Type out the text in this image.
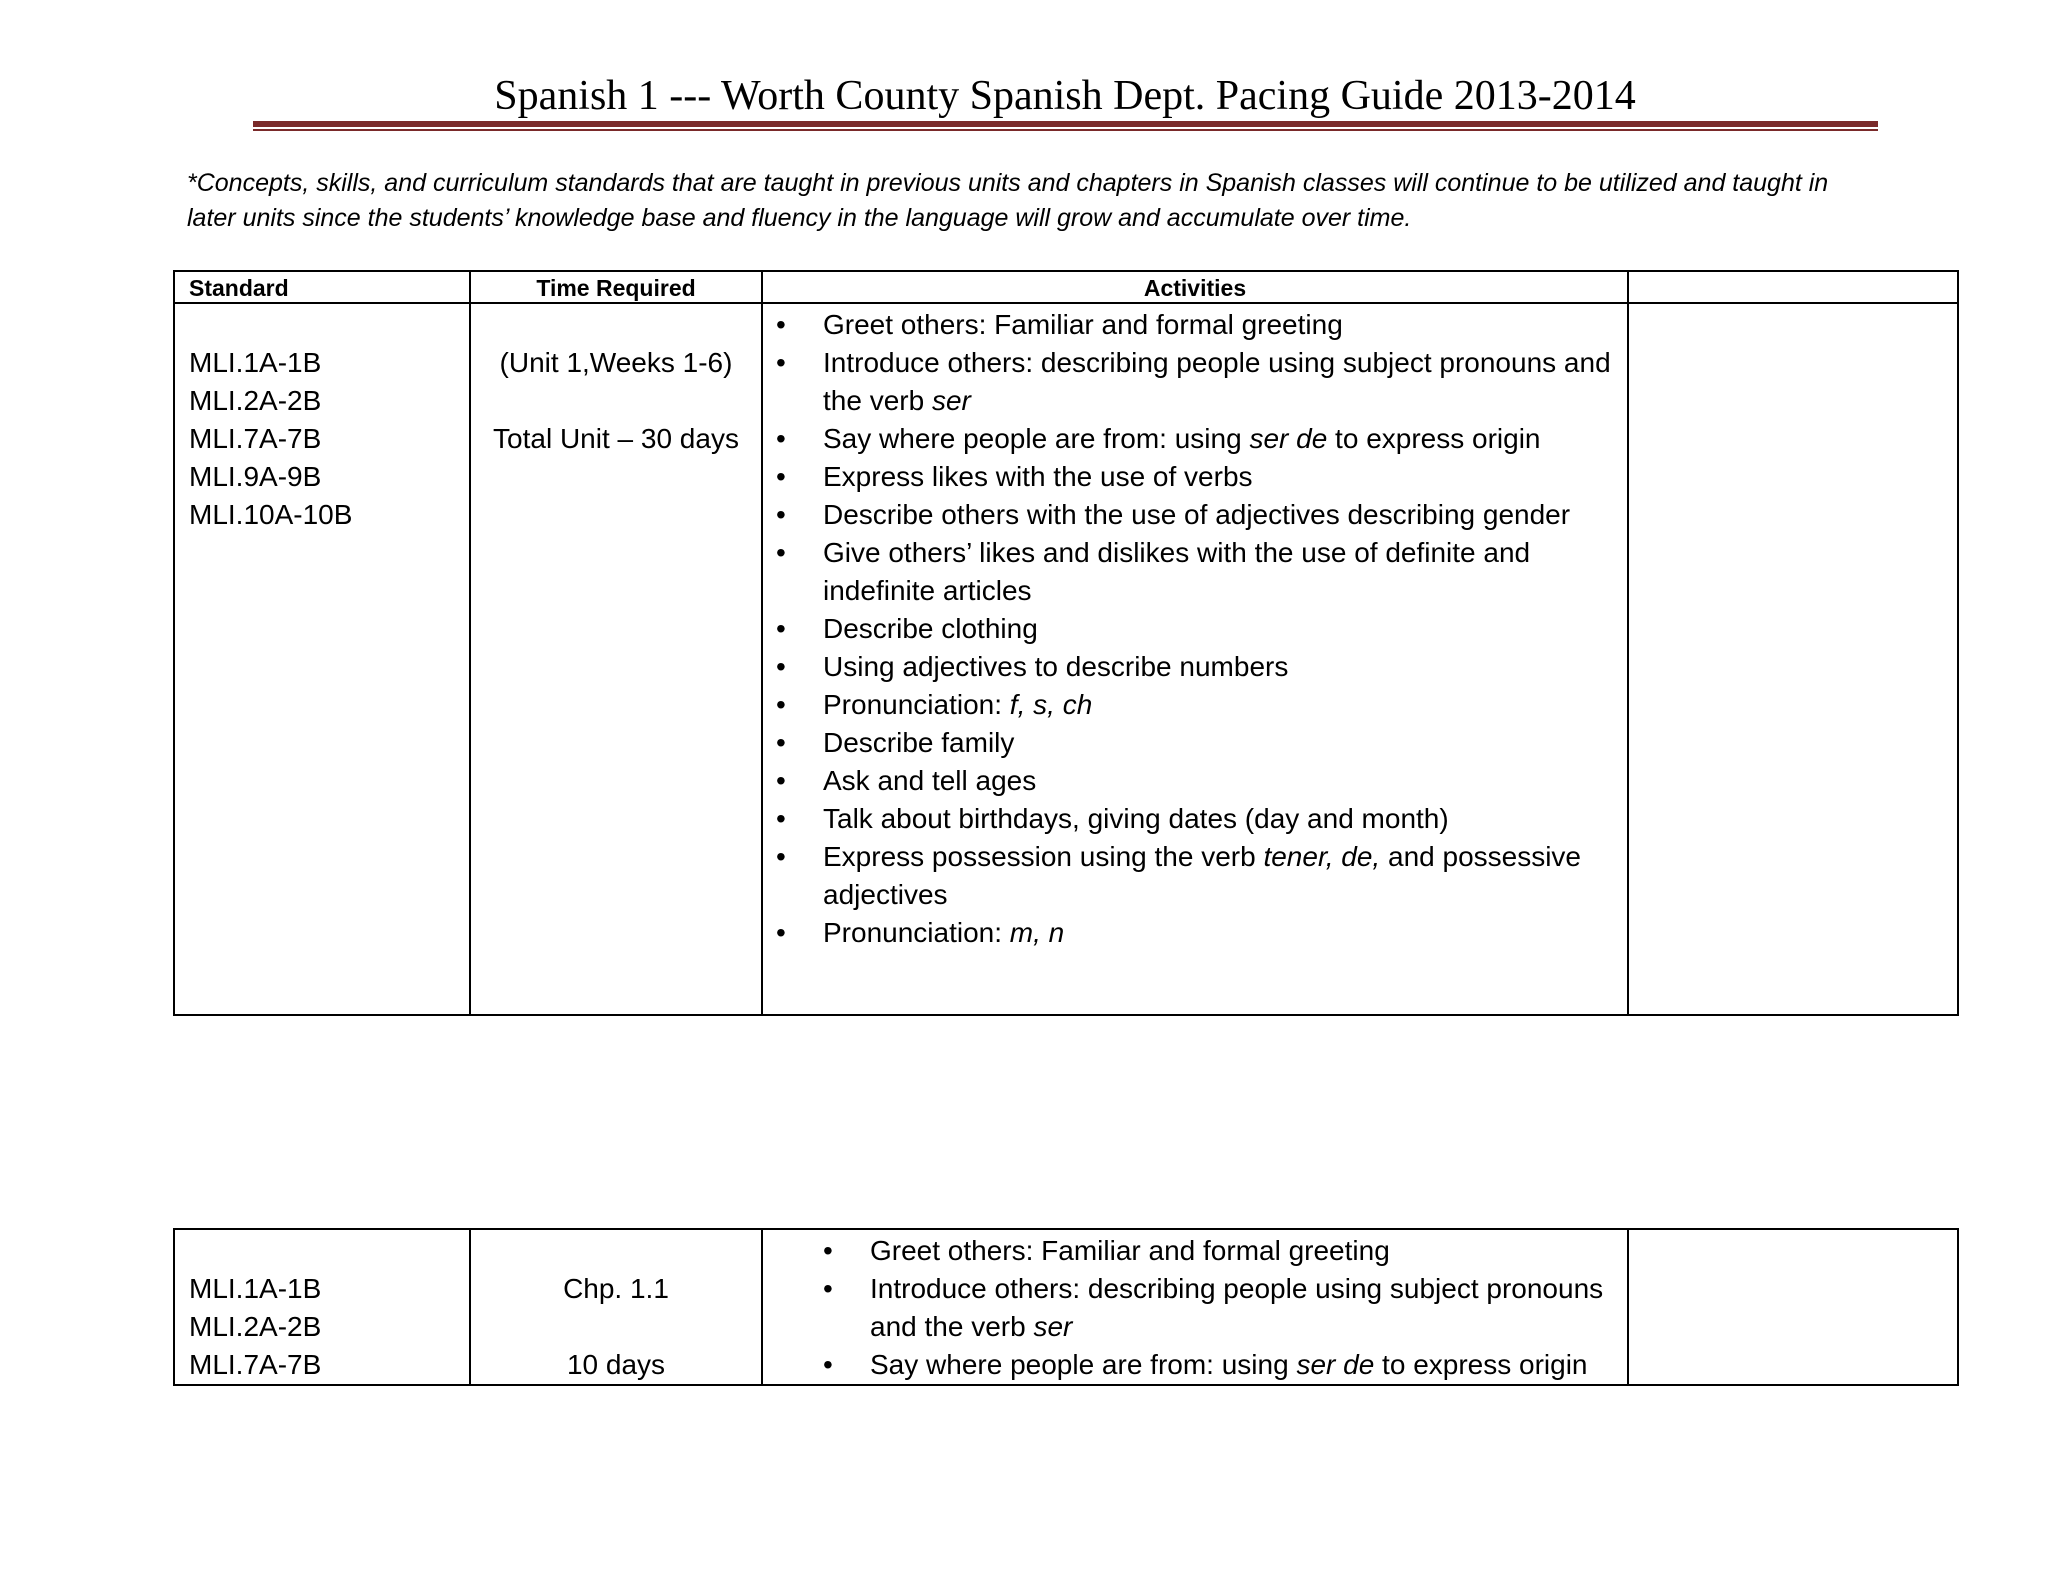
Spanish 1 --- Worth County Spanish Dept. Pacing Guide 2013-2014
*Concepts, skills, and curriculum standards that are taught in previous units and chapters in Spanish classes will continue to be utilized and taught in later units since the students’ knowledge base and fluency in the language will grow and accumulate over time.
Standard	Time Required	Activities

MLI.1A-1B

MLI.2A-2B

MLI.7A-7B

MLI.9A-9B

MLI.10A-10B

(Unit 1,Weeks 1-6)

Total Unit – 30 days

• Greet others: Familiar and formal greeting
• Introduce others: describing people using subject pronouns and the verb ser
• Say where people are from: using ser de to express origin
• Express likes with the use of verbs
• Describe others with the use of adjectives describing gender
• Give others’ likes and dislikes with the use of definite and indefinite articles
• Describe clothing
• Using adjectives to describe numbers
• Pronunciation: f, s, ch
• Describe family
• Ask and tell ages
• Talk about birthdays, giving dates (day and month)
• Express possession using the verb tener, de, and possessive adjectives
• Pronunciation: m, n

MLI.1A-1B

MLI.2A-2B

MLI.7A-7B

Chp. 1.1

10 days

• Greet others: Familiar and formal greeting
• Introduce others: describing people using subject pronouns and the verb ser
• Say where people are from: using ser de to express origin
